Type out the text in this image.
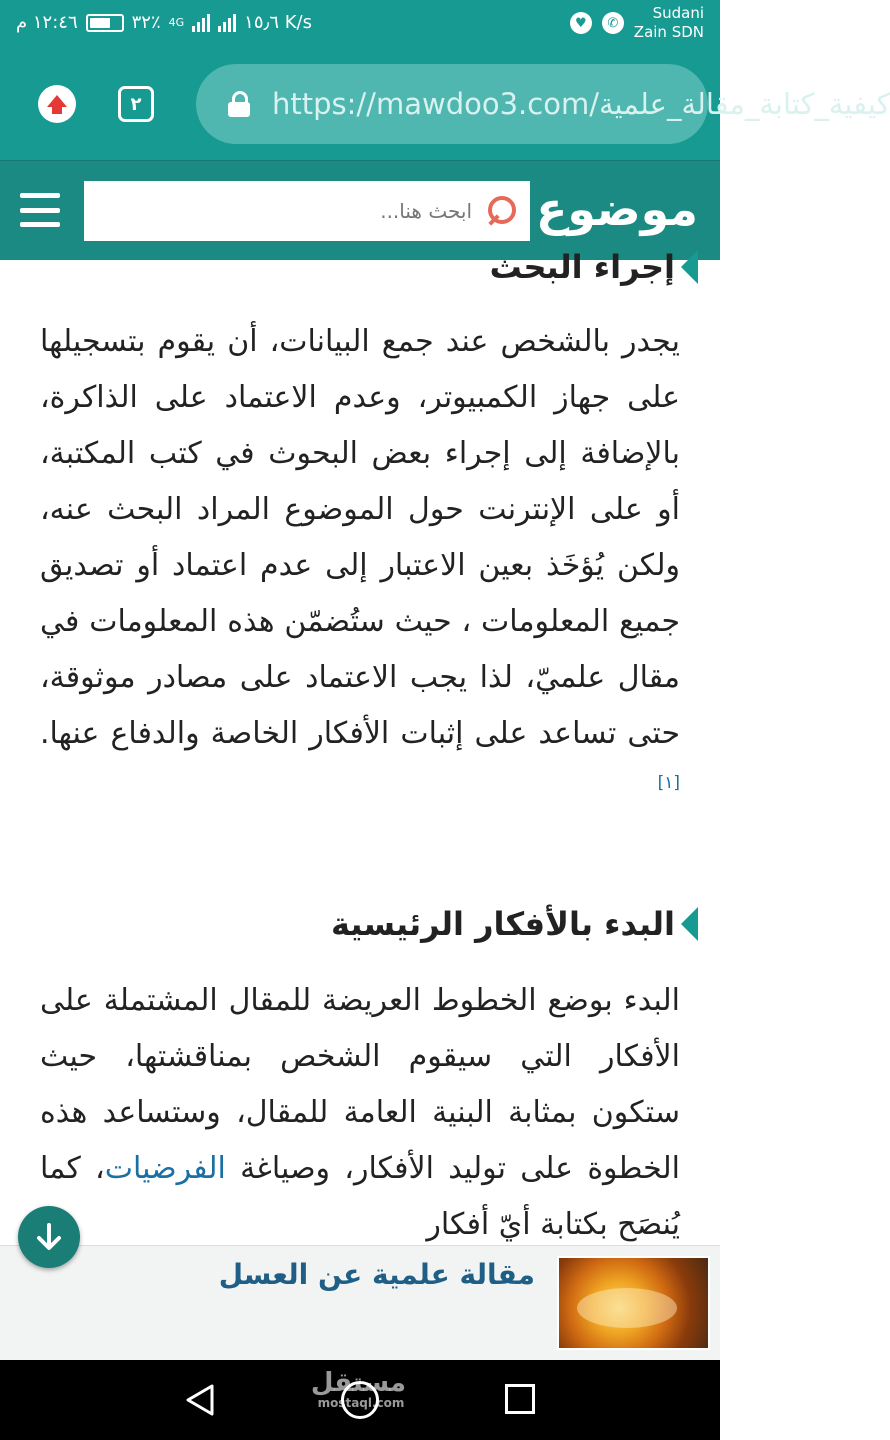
١٢:٤٦ م	٣٢٪ 4G	١٥٫٦ K/s	♥	✆
Sudani
Zain SDN
٢	https://mawdoo3.com/كيفية_كتابة_مقالة_علمية
ابحث هنا...
موضوع
إجراء البحث

يجدر بالشخص عند جمع البيانات، أن يقوم بتسجيلها على جهاز الكمبيوتر، وعدم الاعتماد على الذاكرة، بالإضافة إلى إجراء بعض البحوث في كتب المكتبة، أو على الإنترنت حول الموضوع المراد البحث عنه، ولكن يُؤخَذ بعين الاعتبار إلى عدم اعتماد أو تصديق جميع المعلومات ، حيث ستُضمّن هذه المعلومات في مقال علميّ، لذا يجب الاعتماد على مصادر موثوقة، حتى تساعد على إثبات الأفكار الخاصة والدفاع عنها.[١]

البدء بالأفكار الرئيسية

البدء بوضع الخطوط العريضة للمقال المشتملة على الأفكار التي سيقوم الشخص بمناقشتها، حيث ستكون بمثابة البنية العامة للمقال، وستساعد هذه الخطوة على توليد الأفكار، وصياغة الفرضيات، كما يُنصَح بكتابة أيّ أفكار

مقالة علمية عن العسل
مستقل
mostaql.com
